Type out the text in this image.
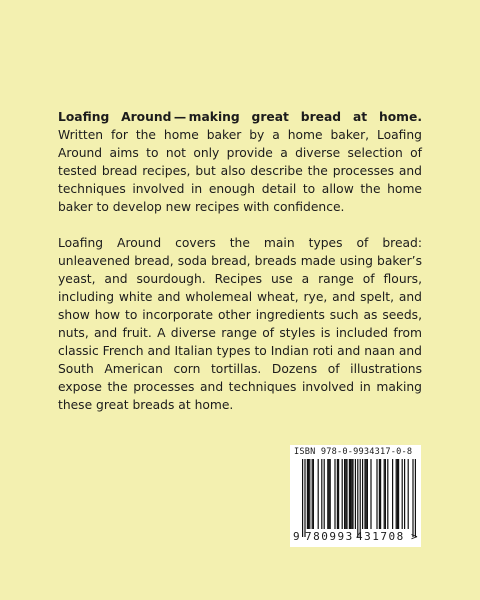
Loafing Around — making great bread at home. Written for the home baker by a home baker, Loafing Around aims to not only provide a diverse selection of tested bread recipes, but also describe the processes and techniques involved in enough detail to allow the home baker to develop new recipes with confidence.

Loafing Around covers the main types of bread: unleavened bread, soda bread, breads made using baker’s yeast, and sourdough. Recipes use a range of flours, including white and wholemeal wheat, rye, and spelt, and show how to incorporate other ingredients such as seeds, nuts, and fruit. A diverse range of styles is included from classic French and Italian types to Indian roti and naan and South American corn tortillas. Dozens of illustrations expose the processes and techniques involved in making these great breads at home.

ISBN 978-0-9934317-0-8
9 780993 431708 >
